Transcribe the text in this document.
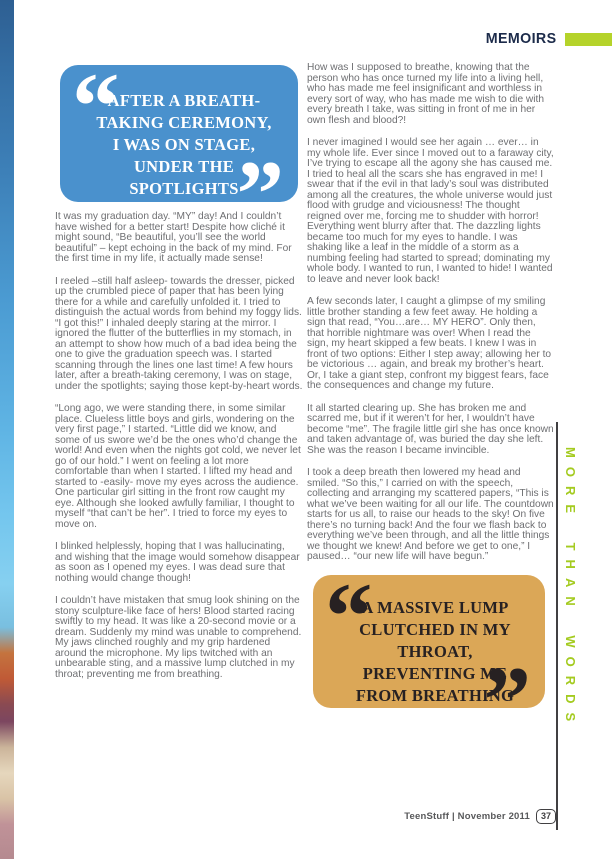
MEMOIRS
“
AFTER A BREATH-TAKING CEREMONY, I WAS ON STAGE, UNDER THE SPOTLIGHTS
”

It was my graduation day. “MY” day! And I couldn’t have wished for a better start! Despite how cliché it might sound, “Be beautiful, you’ll see the world beautiful” – kept echoing in the back of my mind. For the first time in my life, it actually made sense!

I reeled –still half asleep- towards the dresser, picked up the crumbled piece of paper that has been lying there for a while and carefully unfolded it. I tried to distinguish the actual words from behind my foggy lids. “I got this!” I inhaled deeply staring at the mirror. I ignored the flutter of the butterflies in my stomach, in an attempt to show how much of a bad idea being the one to give the graduation speech was. I started scanning through the lines one last time! A few hours later, after a breath-taking ceremony, I was on stage, under the spotlights; saying those kept-by-heart words.

“Long ago, we were standing there, in some similar place. Clueless little boys and girls, wondering on the very first page,” I started. “Little did we know, and some of us swore we’d be the ones who’d change the world! And even when the nights got cold, we never let go of our hold.” I went on feeling a lot more comfortable than when I started. I lifted my head and started to -easily- move my eyes across the audience. One particular girl sitting in the front row caught my eye. Although she looked awfully familiar, I thought to myself “that can’t be her”. I tried to force my eyes to move on.

I blinked helplessly, hoping that I was hallucinating, and wishing that the image would somehow disappear as soon as I opened my eyes. I was dead sure that nothing would change though!

I couldn’t have mistaken that smug look shining on the stony sculpture-like face of hers! Blood started racing swiftly to my head. It was like a 20-second movie or a dream. Suddenly my mind was unable to comprehend. My jaws clinched roughly and my grip hardened around the microphone. My lips twitched with an unbearable sting, and a massive lump clutched in my throat; preventing me from breathing.

How was I supposed to breathe, knowing that the person who has once turned my life into a living hell, who has made me feel insignificant and worthless in every sort of way, who has made me wish to die with every breath I take, was sitting in front of me in her own flesh and blood?!

I never imagined I would see her again … ever… in my whole life. Ever since I moved out to a faraway city, I’ve trying to escape all the agony she has caused me. I tried to heal all the scars she has engraved in me! I swear that if the evil in that lady’s soul was distributed among all the creatures, the whole universe would just flood with grudge and viciousness! The thought reigned over me, forcing me to shudder with horror! Everything went blurry after that. The dazzling lights became too much for my eyes to handle. I was shaking like a leaf in the middle of a storm as a numbing feeling had started to spread; dominating my whole body. I wanted to run, I wanted to hide! I wanted to leave and never look back!

A few seconds later, I caught a glimpse of my smiling little brother standing a few feet away. He holding a sign that read, “You…are… MY HERO”. Only then, that horrible nightmare was over! When I read the sign, my heart skipped a few beats. I knew I was in front of two options: Either I step away; allowing her to be victorious … again, and break my brother’s heart. Or, I take a giant step, confront my biggest fears, face the consequences and change my future.

It all started clearing up. She has broken me and scarred me, but if it weren’t for her, I wouldn’t have become “me”. The fragile little girl she has once known and taken advantage of, was buried the day she left. She was the reason I became invincible.

I took a deep breath then lowered my head and smiled. “So this,” I carried on with the speech, collecting and arranging my scattered papers, “This is what we’ve been waiting for all our life. The countdown starts for us all, to raise our heads to the sky! On five there’s no turning back! And the four we flash back to everything we’ve been through, and all the little things we thought we knew! And before we get to one,” I paused… “our new life will have begun.”

“
A MASSIVE LUMP CLUTCHED IN MY THROAT, PREVENTING ME FROM BREATHING
” MORE THAN WORDS
TeenStuff | November 2011	37
